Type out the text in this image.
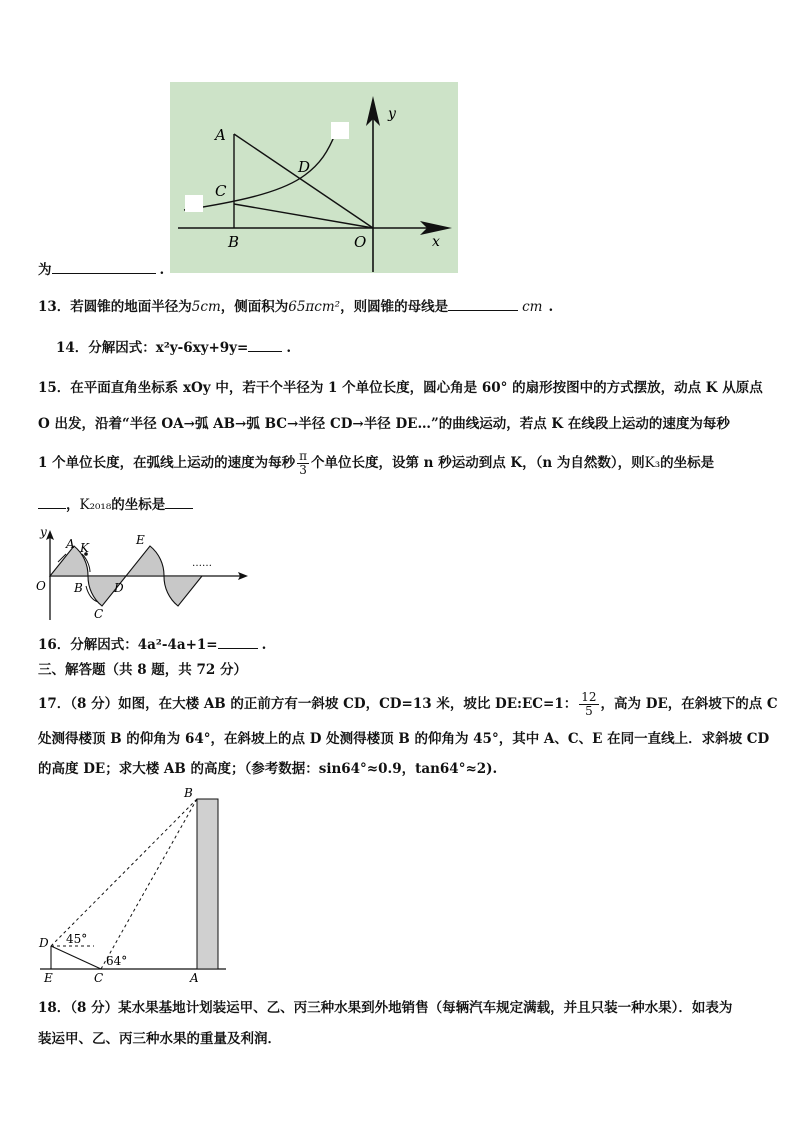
A
C
D
B	O	x
y
为	.
13．若圆锥的地面半径为5cm，侧面积为65πcm²，则圆锥的母线是	cm .
14．分解因式：x²y-6xy+9y=	.
15．在平面直角坐标系 xOy 中，若干个半径为 1 个单位长度，圆心角是 60° 的扇形按图中的方式摆放，动点 K 从原点
O 出发，沿着“半径 OA→弧 AB→弧 BC→半径 CD→半径 DE…”的曲线运动，若点 K 在线段上运动的速度为每秒
1 个单位长度，在弧线上运动的速度为每秒 $\frac{\pi}{3}$ 个单位长度，设第 n 秒运动到点 K，（n 为自然数），则K₃的坐标是
，K₂₀₁₈的坐标是
y
A K
E
O B	D
C
……
16．分解因式：4a²-4a+1=	.
三、解答题（共 8 题，共 72 分）
17．（8 分）如图，在大楼 AB 的正前方有一斜坡 CD，CD=13 米，坡比 DE:EC=1： $\frac{12}{5}$ ，高为 DE，在斜坡下的点 C
处测得楼顶 B 的仰角为 64°，在斜坡上的点 D 处测得楼顶 B 的仰角为 45°，其中 A、C、E 在同一直线上．求斜坡 CD
的高度 DE；求大楼 AB 的高度；（参考数据：sin64°≈0.9，tan64°≈2).
B
D 45°
64°
E	C	A
18．（8 分）某水果基地计划装运甲、乙、丙三种水果到外地销售（每辆汽车规定满载，并且只装一种水果）．如表为
装运甲、乙、丙三种水果的重量及利润．
